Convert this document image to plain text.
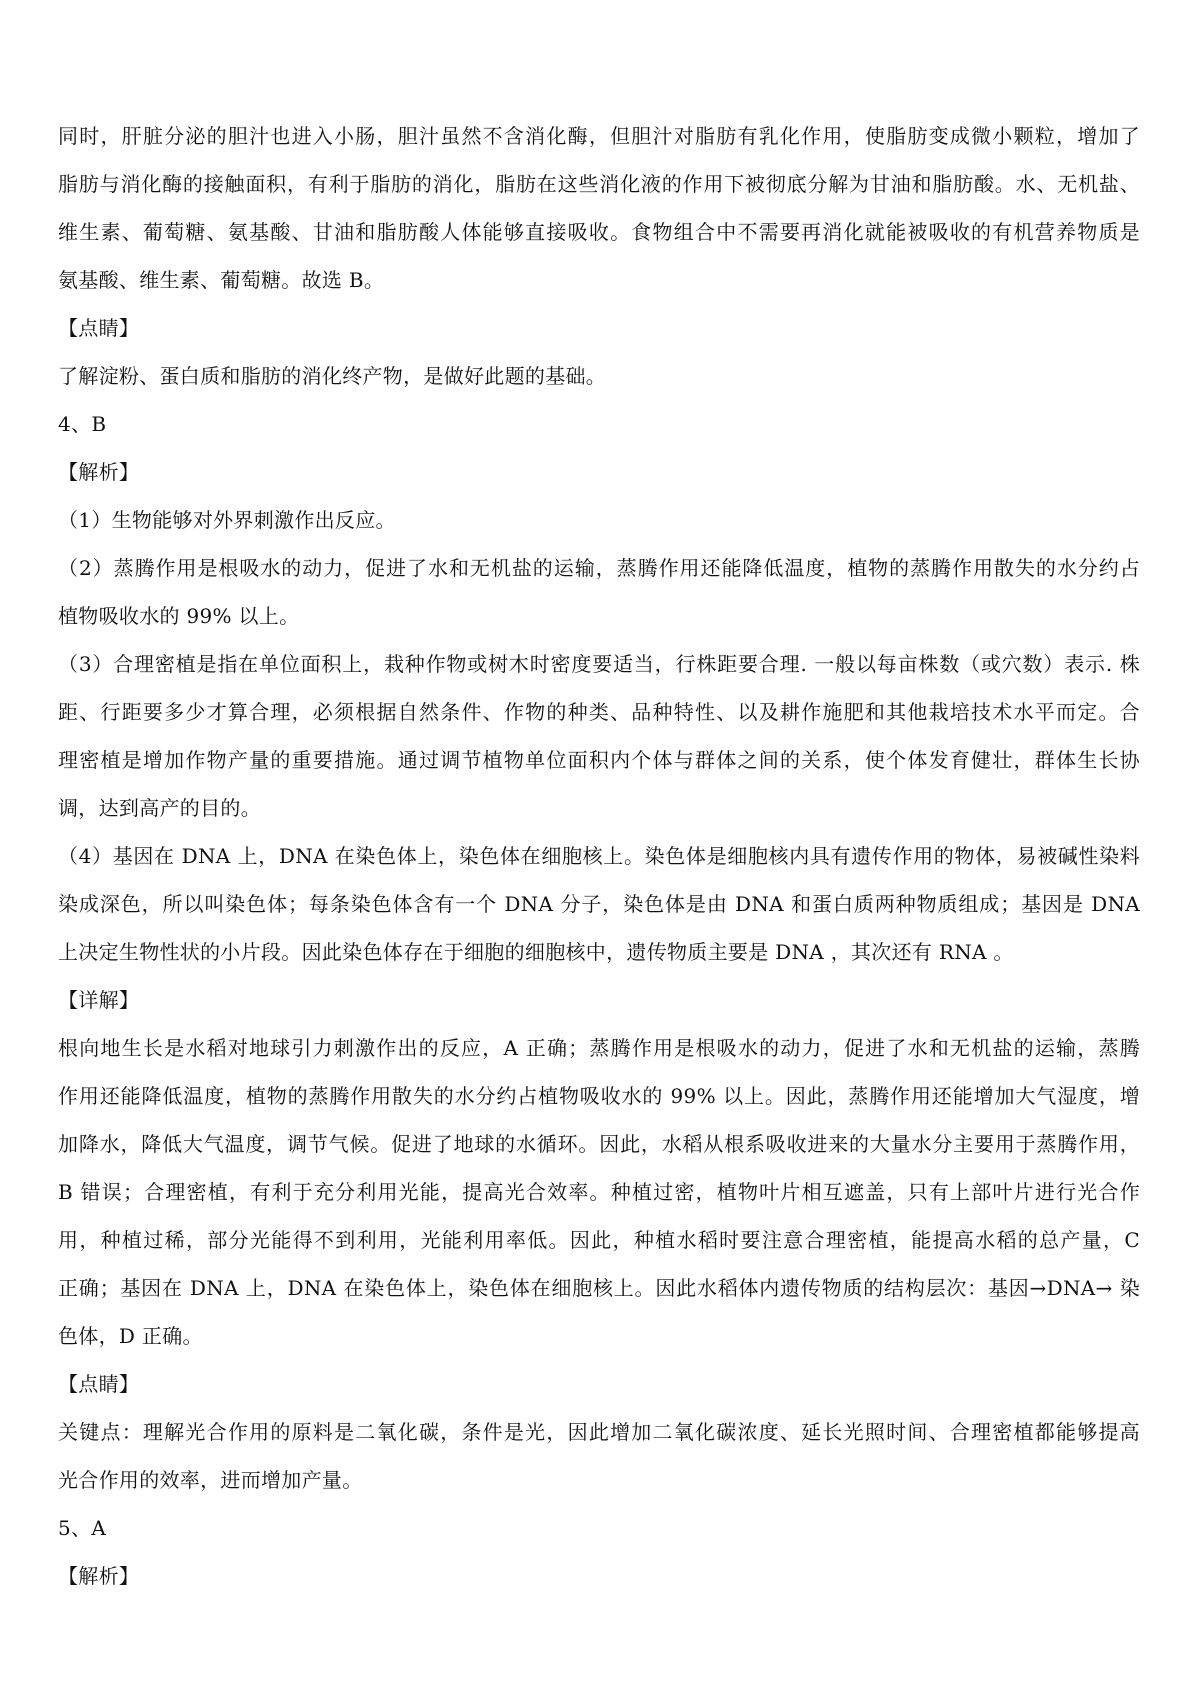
同时，肝脏分泌的胆汁也进入小肠，胆汁虽然不含消化酶，但胆汁对脂肪有乳化作用，使脂肪变成微小颗粒，增加了
脂肪与消化酶的接触面积，有利于脂肪的消化，脂肪在这些消化液的作用下被彻底分解为甘油和脂肪酸。水、无机盐、
维生素、葡萄糖、氨基酸、甘油和脂肪酸人体能够直接吸收。食物组合中不需要再消化就能被吸收的有机营养物质是
氨基酸、维生素、葡萄糖。故选 B。
【点睛】
了解淀粉、蛋白质和脂肪的消化终产物，是做好此题的基础。
4、B
【解析】
（1）生物能够对外界刺激作出反应。
（2）蒸腾作用是根吸水的动力，促进了水和无机盐的运输，蒸腾作用还能降低温度，植物的蒸腾作用散失的水分约占
植物吸收水的 99% 以上。
（3）合理密植是指在单位面积上，栽种作物或树木时密度要适当，行株距要合理. 一般以每亩株数（或穴数）表示. 株
距、行距要多少才算合理，必须根据自然条件、作物的种类、品种特性、以及耕作施肥和其他栽培技术水平而定。合
理密植是增加作物产量的重要措施。通过调节植物单位面积内个体与群体之间的关系，使个体发育健壮，群体生长协
调，达到高产的目的。
（4）基因在 DNA 上，DNA 在染色体上，染色体在细胞核上。染色体是细胞核内具有遗传作用的物体，易被碱性染料
染成深色，所以叫染色体；每条染色体含有一个 DNA 分子，染色体是由 DNA 和蛋白质两种物质组成；基因是 DNA
上决定生物性状的小片段。因此染色体存在于细胞的细胞核中，遗传物质主要是 DNA ，其次还有 RNA 。
【详解】
根向地生长是水稻对地球引力刺激作出的反应，A 正确；蒸腾作用是根吸水的动力，促进了水和无机盐的运输，蒸腾
作用还能降低温度，植物的蒸腾作用散失的水分约占植物吸收水的 99% 以上。因此，蒸腾作用还能增加大气湿度，增
加降水，降低大气温度，调节气候。促进了地球的水循环。因此，水稻从根系吸收进来的大量水分主要用于蒸腾作用，
B 错误；合理密植，有利于充分利用光能，提高光合效率。种植过密，植物叶片相互遮盖，只有上部叶片进行光合作
用，种植过稀，部分光能得不到利用，光能利用率低。因此，种植水稻时要注意合理密植，能提高水稻的总产量，C
正确；基因在 DNA 上，DNA 在染色体上，染色体在细胞核上。因此水稻体内遗传物质的结构层次：基因→DNA→ 染
色体，D 正确。
【点睛】
关键点：理解光合作用的原料是二氧化碳，条件是光，因此增加二氧化碳浓度、延长光照时间、合理密植都能够提高
光合作用的效率，进而增加产量。
5、A
【解析】
